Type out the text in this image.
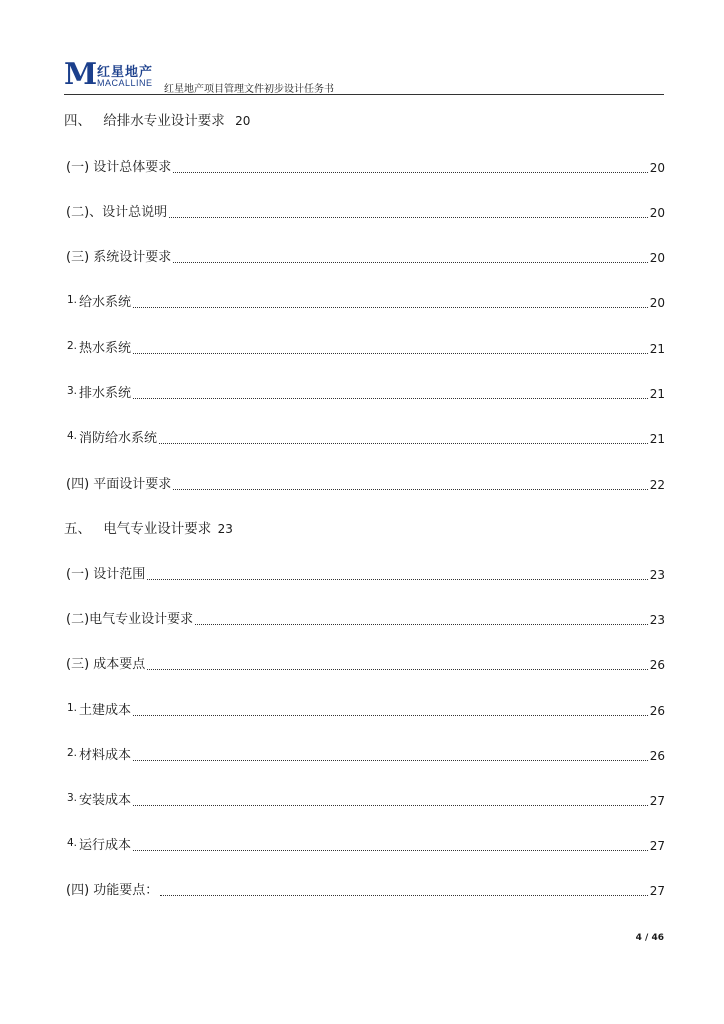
M 红星地产
MACALLINE
红星地产项目管理文件初步设计任务书
四、 给排水专业设计要求 20
(一) 设计总体要求	20
(二)、设计总说明	20
(三) 系统设计要求	20
$^{1.}$ 给水系统	20
$^{2.}$ 热水系统	21
$^{3.}$ 排水系统	21
$^{4.}$ 消防给水系统	21
(四) 平面设计要求	22
五、 电气专业设计要求 23
(一) 设计范围	23
(二)电气专业设计要求	23
(三) 成本要点	26
$^{1.}$ 土建成本	26
$^{2.}$ 材料成本	26
$^{3.}$ 安装成本	27
$^{4.}$ 运行成本	27
(四) 功能要点：	27
4 / 46
